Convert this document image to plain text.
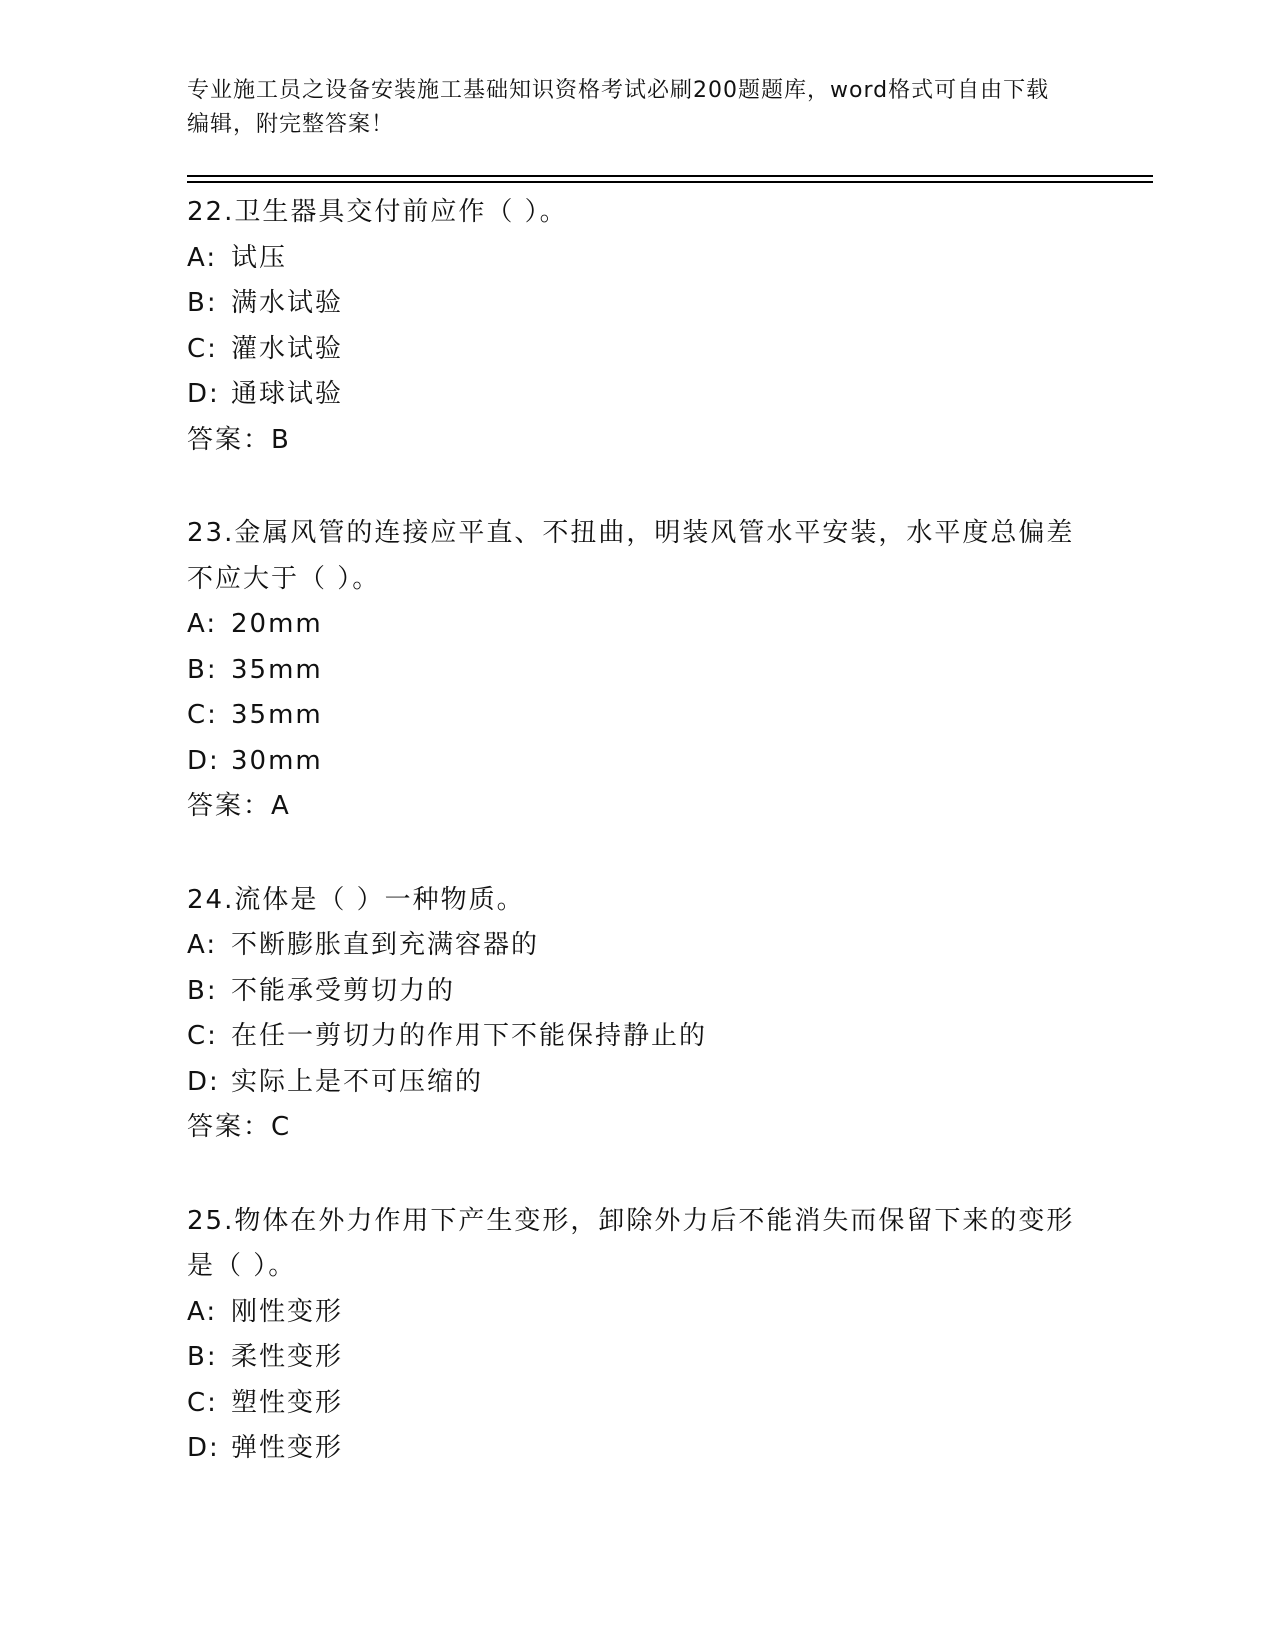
专业施工员之设备安装施工基础知识资格考试必刷200题题库，word格式可自由下载编辑，附完整答案！
22.卫生器具交付前应作（ ）。
A: 试压
B: 满水试验
C: 灌水试验
D: 通球试验
答案：B
23.金属风管的连接应平直、不扭曲，明装风管水平安装，水平度总偏差不应大于（ ）。
A: 20mm
B: 35mm
C: 35mm
D: 30mm
答案：A
24.流体是（ ）一种物质。
A: 不断膨胀直到充满容器的
B: 不能承受剪切力的
C: 在任一剪切力的作用下不能保持静止的
D: 实际上是不可压缩的
答案：C
25.物体在外力作用下产生变形，卸除外力后不能消失而保留下来的变形是（ ）。
A: 刚性变形
B: 柔性变形
C: 塑性变形
D: 弹性变形
